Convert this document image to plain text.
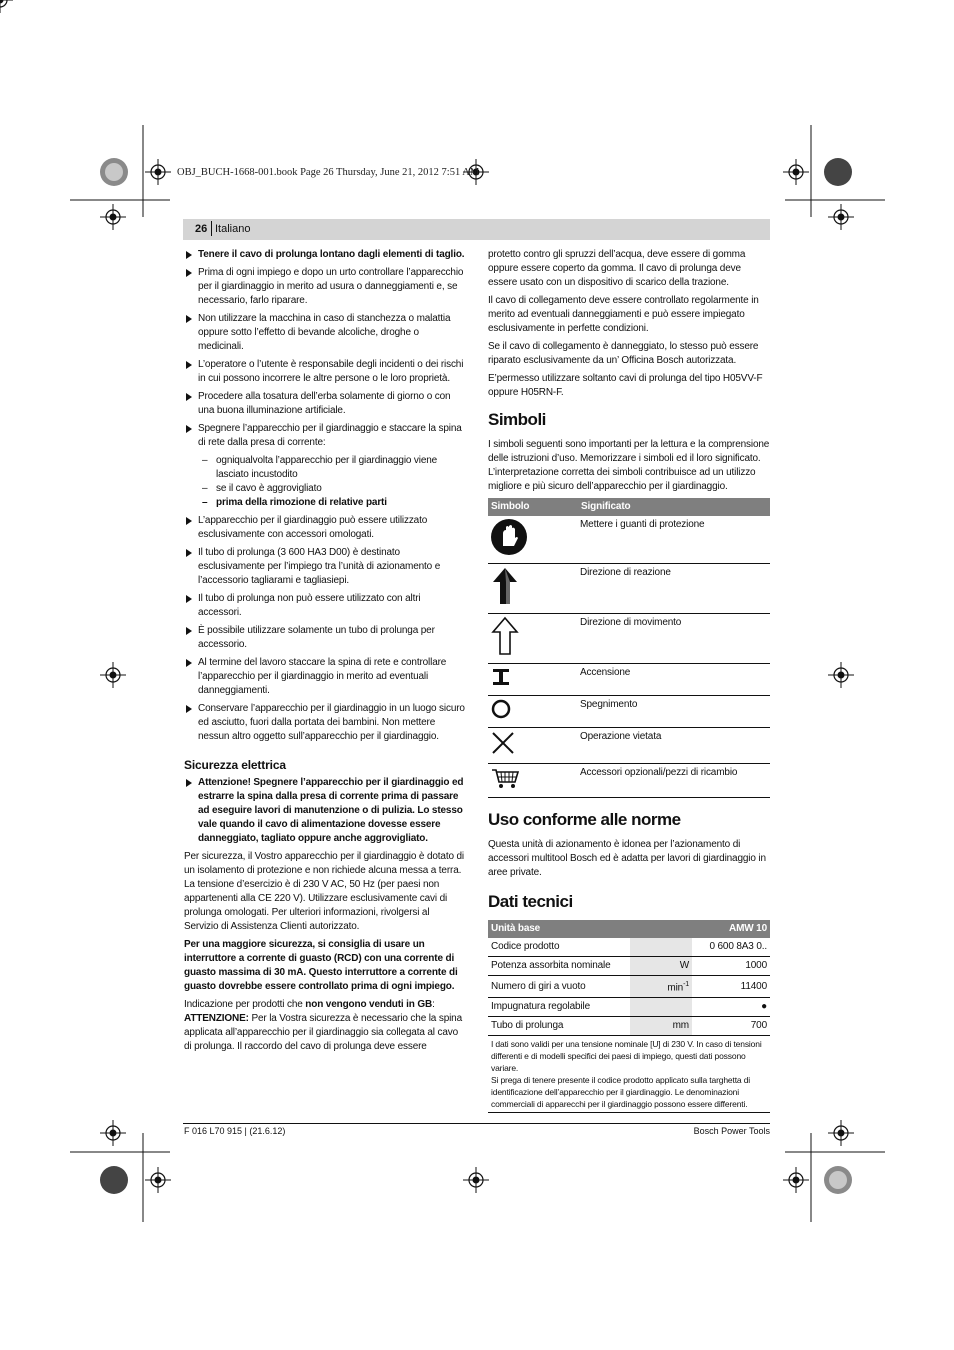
OBJ_BUCH-1668-001.book Page 26 Thursday, June 21, 2012 7:51 AM
26 Italiano
Tenere il cavo di prolunga lontano dagli elementi di taglio.
Prima di ogni impiego e dopo un urto controllare l’apparecchio per il giardinaggio in merito ad usura o danneggiamenti e, se necessario, farlo riparare.
Non utilizzare la macchina in caso di stanchezza o malattia oppure sotto l’effetto di bevande alcoliche, droghe o medicinali.
L’operatore o l’utente è responsabile degli incidenti o dei rischi in cui possono incorrere le altre persone o le loro proprietà.
Procedere alla tosatura dell’erba solamente di giorno o con una buona illuminazione artificiale.
Spegnere l’apparecchio per il giardinaggio e staccare la spina di rete dalla presa di corrente:
– ogniqualvolta l’apparecchio per il giardinaggio viene lasciato incustodito
– se il cavo è aggrovigliato
– prima della rimozione di relative parti
L’apparecchio per il giardinaggio può essere utilizzato esclusivamente con accessori omologati.
Il tubo di prolunga (3 600 HA3 D00) è destinato esclusivamente per l’impiego tra l’unità di azionamento e l’accessorio tagliarami e tagliasiepi.
Il tubo di prolunga non può essere utilizzato con altri accessori.
È possibile utilizzare solamente un tubo di prolunga per accessorio.
Al termine del lavoro staccare la spina di rete e controllare l’apparecchio per il giardinaggio in merito ad eventuali danneggiamenti.
Conservare l’apparecchio per il giardinaggio in un luogo sicuro ed asciutto, fuori dalla portata dei bambini. Non mettere nessun altro oggetto sull’apparecchio per il giardinaggio.
Sicurezza elettrica
Attenzione! Spegnere l’apparecchio per il giardinaggio ed estrarre la spina dalla presa di corrente prima di passare ad eseguire lavori di manutenzione o di pulizia. Lo stesso vale quando il cavo di alimentazione dovesse essere danneggiato, tagliato oppure anche aggrovigliato.

Per sicurezza, il Vostro apparecchio per il giardinaggio è dotato di un isolamento di protezione e non richiede alcuna messa a terra. La tensione d’esercizio è di 230 V AC, 50 Hz (per paesi non appartenenti alla CE 220 V). Utilizzare esclusivamente cavi di prolunga omologati. Per ulteriori informazioni, rivolgersi al Servizio di Assistenza Clienti autorizzato.

Per una maggiore sicurezza, si consiglia di usare un interruttore a corrente di guasto (RCD) con una corrente di guasto massima di 30 mA. Questo interruttore a corrente di guasto dovrebbe essere controllato prima di ogni impiego.

Indicazione per prodotti che non vengono venduti in GB:

ATTENZIONE: Per la Vostra sicurezza è necessario che la spina applicata all’apparecchio per il giardinaggio sia collegata al cavo di prolunga. Il raccordo del cavo di prolunga deve essere

protetto contro gli spruzzi dell’acqua, deve essere di gomma oppure essere coperto da gomma. Il cavo di prolunga deve essere usato con un dispositivo di scarico della trazione.

Il cavo di collegamento deve essere controllato regolarmente in merito ad eventuali danneggiamenti e può essere impiegato esclusivamente in perfette condizioni.

Se il cavo di collegamento è danneggiato, lo stesso può essere riparato esclusivamente da un’ Officina Bosch autorizzata.

E’permesso utilizzare soltanto cavi di prolunga del tipo H05VV-F oppure H05RN-F.

Simboli

I simboli seguenti sono importanti per la lettura e la comprensione delle istruzioni d’uso. Memorizzare i simboli ed il loro significato. L’interpretazione corretta dei simboli contribuisce ad un utilizzo migliore e più sicuro dell’apparecchio per il giardinaggio.

Simbolo	Significato
	Mettere i guanti di protezione
	Direzione di reazione
	Direzione di movimento
	Accensione
	Spegnimento
	Operazione vietata
	Accessori opzionali/pezzi di ricambio
Uso conforme alle norme

Questa unità di azionamento è idonea per l’azionamento di accessori multitool Bosch ed è adatta per lavori di giardinaggio in aree private.

Dati tecnici
Unità base		AMW 10
Codice prodotto		0 600 8A3 0..
Potenza assorbita nominale	W	1000
Numero di giri a vuoto	$\min^{-1}$	11400
Impugnatura regolabile		●
Tubo di prolunga	mm	700
I dati sono validi per una tensione nominale [U] di 230 V. In caso di tensioni differenti e di modelli specifici dei paesi di impiego, questi dati possono variare.
Si prega di tenere presente il codice prodotto applicato sulla targhetta di identificazione dell’apparecchio per il giardinaggio. Le denominazioni commerciali di apparecchi per il giardinaggio possono essere differenti.
F 016 L70 915 | (21.6.12)	Bosch Power Tools
